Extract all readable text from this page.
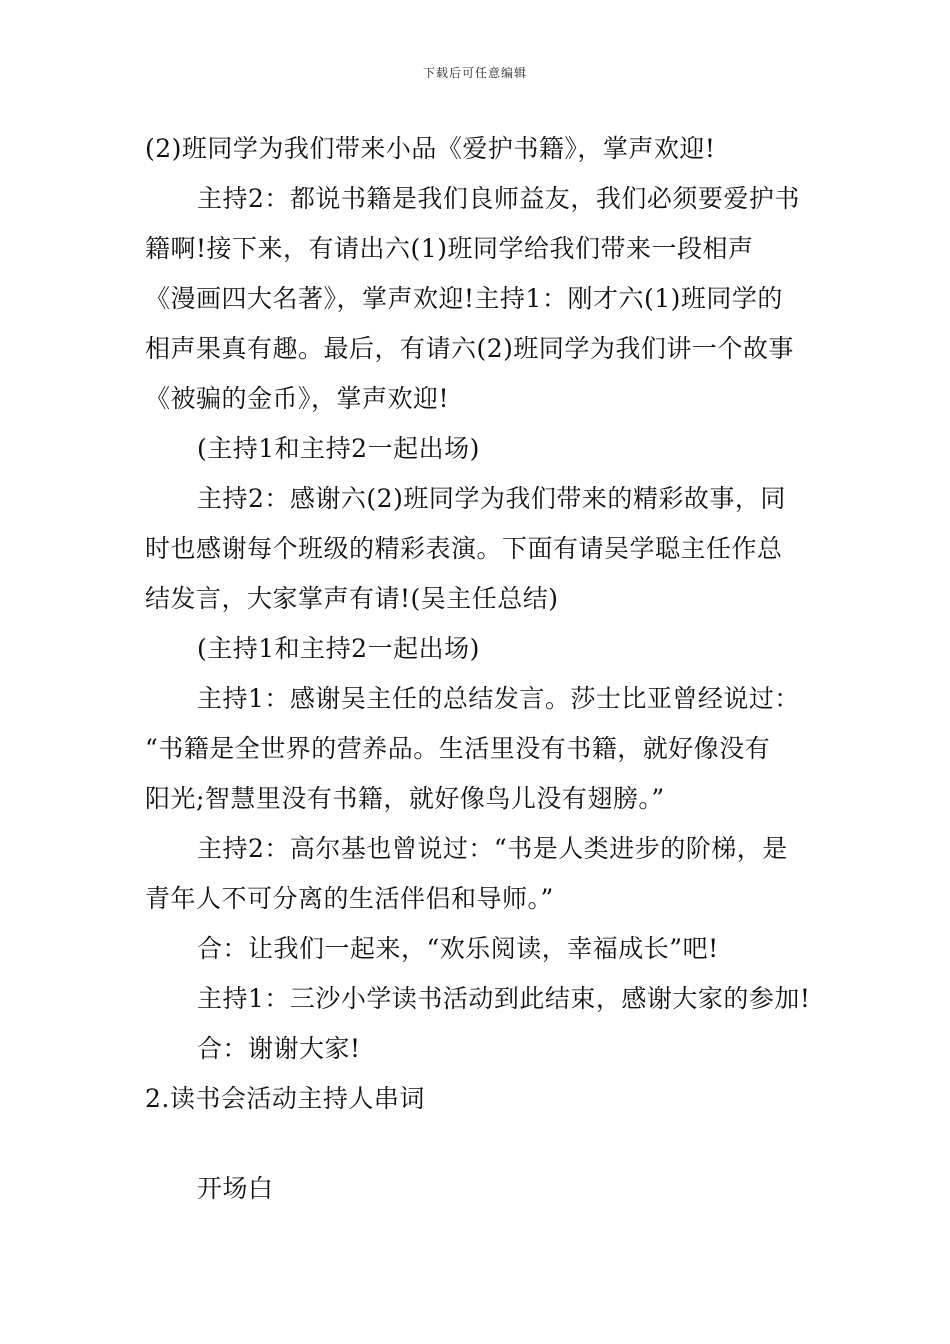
下载后可任意编辑
(2)班同学为我们带来小品《爱护书籍》，掌声欢迎!
主持2：都说书籍是我们良师益友，我们必须要爱护书
籍啊!接下来，有请出六(1)班同学给我们带来一段相声
《漫画四大名著》，掌声欢迎!主持1：刚才六(1)班同学的
相声果真有趣。最后，有请六(2)班同学为我们讲一个故事
《被骗的金币》，掌声欢迎!
(主持1和主持2一起出场)
主持2：感谢六(2)班同学为我们带来的精彩故事，同
时也感谢每个班级的精彩表演。下面有请吴学聪主任作总
结发言，大家掌声有请!(吴主任总结)
(主持1和主持2一起出场)
主持1：感谢吴主任的总结发言。莎士比亚曾经说过：
“书籍是全世界的营养品。生活里没有书籍，就好像没有
阳光;智慧里没有书籍，就好像鸟儿没有翅膀。”
主持2：高尔基也曾说过：“书是人类进步的阶梯，是
青年人不可分离的生活伴侣和导师。”
合：让我们一起来，“欢乐阅读，幸福成长”吧!
主持1：三沙小学读书活动到此结束，感谢大家的参加!
合：谢谢大家!
2.读书会活动主持人串词
开场白
